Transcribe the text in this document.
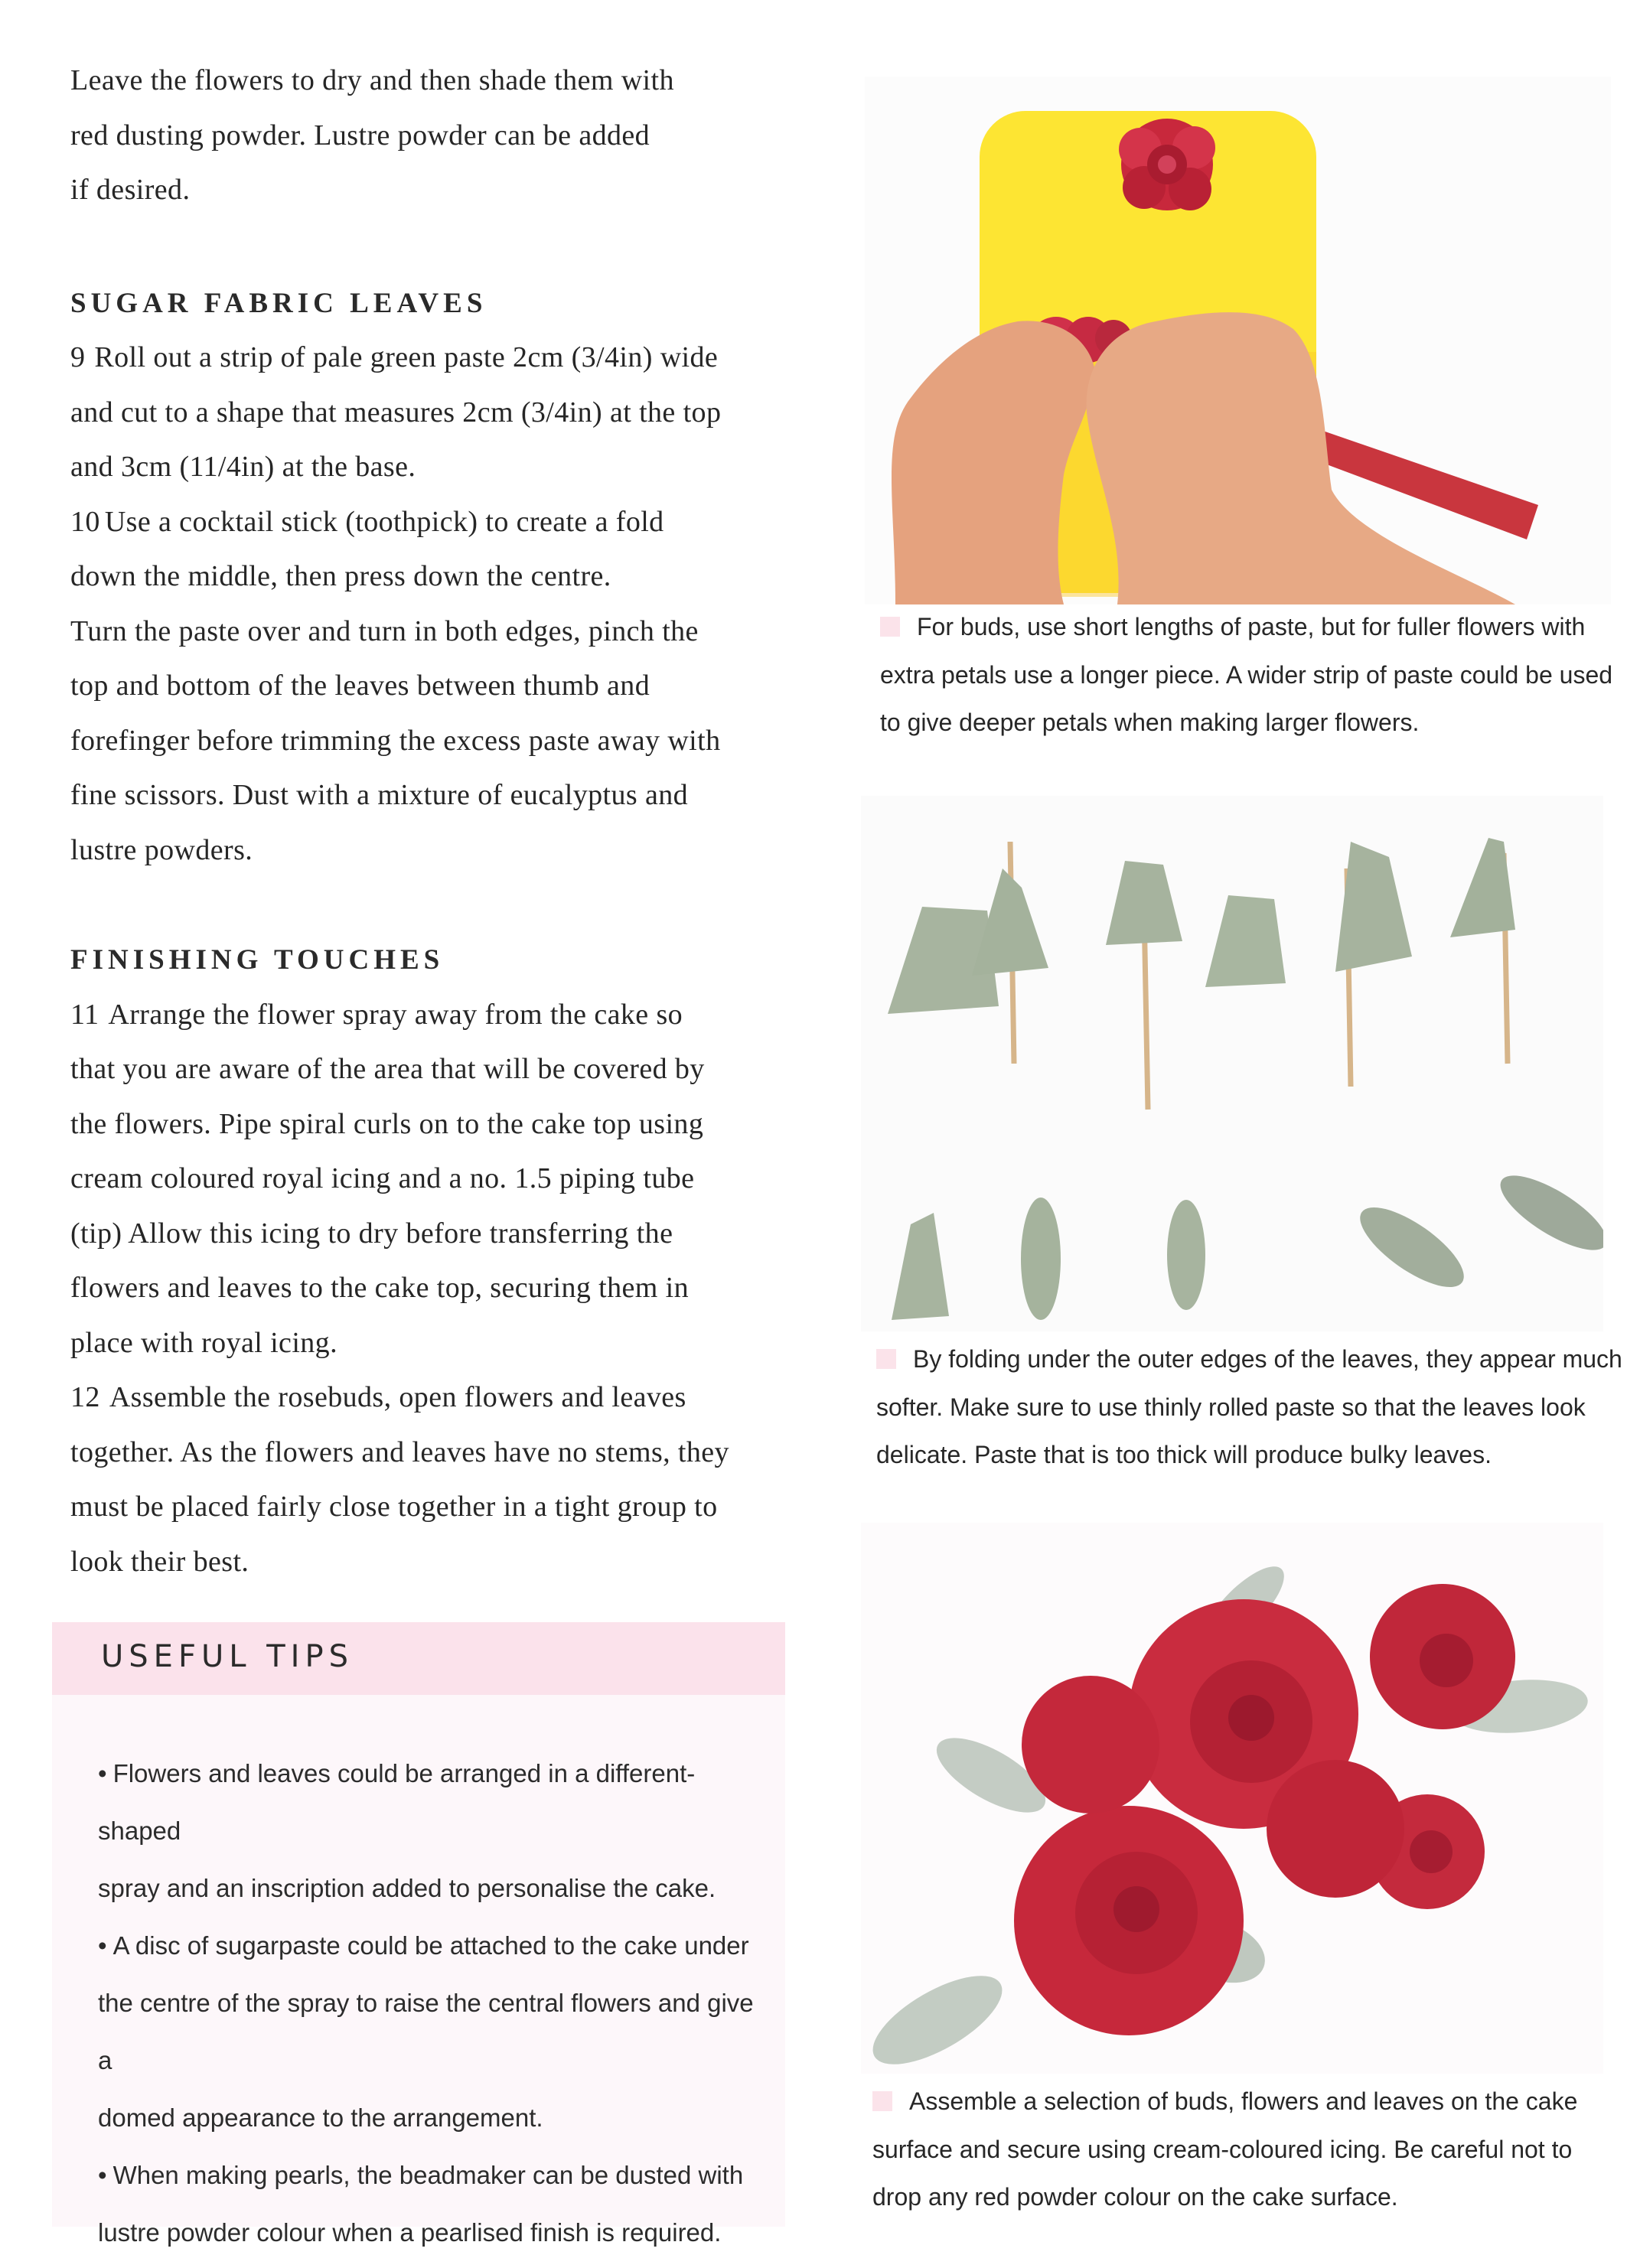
Leave the flowers to dry and then shade them with
red dusting powder. Lustre powder can be added
if desired.

SUGAR FABRIC LEAVES

9 Roll out a strip of pale green paste 2cm (3/4in) wide
and cut to a shape that measures 2cm (3/4in) at the top
and 3cm (11/4in) at the base.

10 Use a cocktail stick (toothpick) to create a fold
down the middle, then press down the centre.
Turn the paste over and turn in both edges, pinch the
top and bottom of the leaves between thumb and
forefinger before trimming the excess paste away with
fine scissors. Dust with a mixture of eucalyptus and
lustre powders.

FINISHING TOUCHES

11 Arrange the flower spray away from the cake so
that you are aware of the area that will be covered by
the flowers. Pipe spiral curls on to the cake top using
cream coloured royal icing and a no. 1.5 piping tube
(tip) Allow this icing to dry before transferring the
flowers and leaves to the cake top, securing them in
place with royal icing.

12 Assemble the rosebuds, open flowers and leaves
together. As the flowers and leaves have no stems, they
must be placed fairly close together in a tight group to
look their best.

USEFUL TIPS
• Flowers and leaves could be arranged in a different-shaped
spray and an inscription added to personalise the cake.
• A disc of sugarpaste could be attached to the cake under
the centre of the spray to raise the central flowers and give a
domed appearance to the arrangement.
• When making pearls, the beadmaker can be dusted with
lustre powder colour when a pearlised finish is required.
For buds, use short lengths of paste, but for fuller flowers with
extra petals use a longer piece. A wider strip of paste could be used
to give deeper petals when making larger flowers.
By folding under the outer edges of the leaves, they appear much
softer. Make sure to use thinly rolled paste so that the leaves look
delicate. Paste that is too thick will produce bulky leaves.
Assemble a selection of buds, flowers and leaves on the cake
surface and secure using cream-coloured icing. Be careful not to
drop any red powder colour on the cake surface.
